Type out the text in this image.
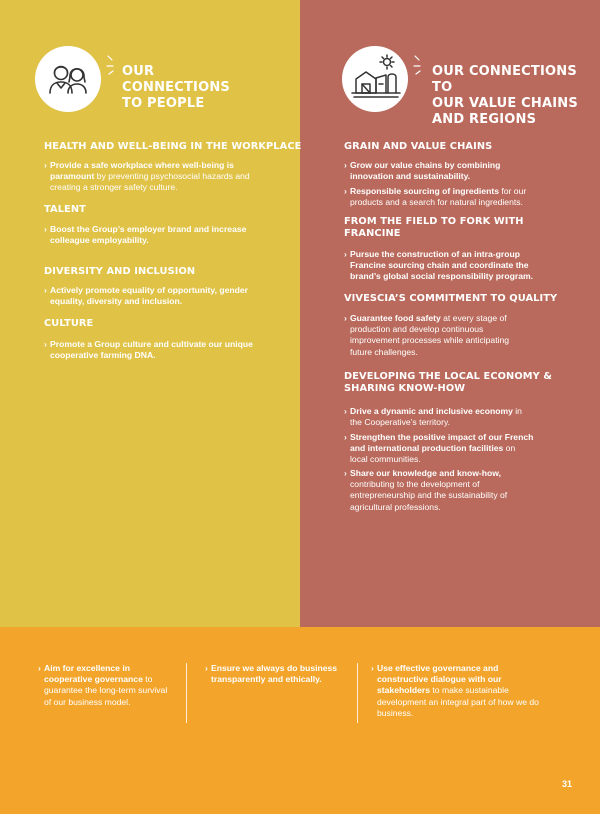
OUR
CONNECTIONS
TO PEOPLE
OUR CONNECTIONS TO
OUR VALUE CHAINS
AND REGIONS
HEALTH AND WELL-BEING IN THE WORKPLACE
› Provide a safe workplace where well-being is paramount by preventing psychosocial hazards and creating a stronger safety culture.
TALENT
› Boost the Group’s employer brand and increase colleague employability.
DIVERSITY AND INCLUSION
› Actively promote equality of opportunity, gender equality, diversity and inclusion.
CULTURE
› Promote a Group culture and cultivate our unique cooperative farming DNA.
GRAIN AND VALUE CHAINS
› Grow our value chains by combining innovation and sustainability.
› Responsible sourcing of ingredients for our products and a search for natural ingredients.
FROM THE FIELD TO FORK WITH
FRANCINE
› Pursue the construction of an intra-group Francine sourcing chain and coordinate the brand’s global social responsibility program.
VIVESCIA’S COMMITMENT TO QUALITY
› Guarantee food safety at every stage of production and develop continuous improvement processes while anticipating future challenges.
DEVELOPING THE LOCAL ECONOMY &
SHARING KNOW-HOW
› Drive a dynamic and inclusive economy in the Cooperative’s territory.
› Strengthen the positive impact of our French and international production facilities on local communities.
› Share our knowledge and know-how, contributing to the development of entrepreneurship and the sustainability of agricultural professions.
› Aim for excellence in cooperative governance to guarantee the long-term survival of our business model.
› Ensure we always do business transparently and ethically.
› Use effective governance and constructive dialogue with our stakeholders to make sustainable development an integral part of how we do business.
31
